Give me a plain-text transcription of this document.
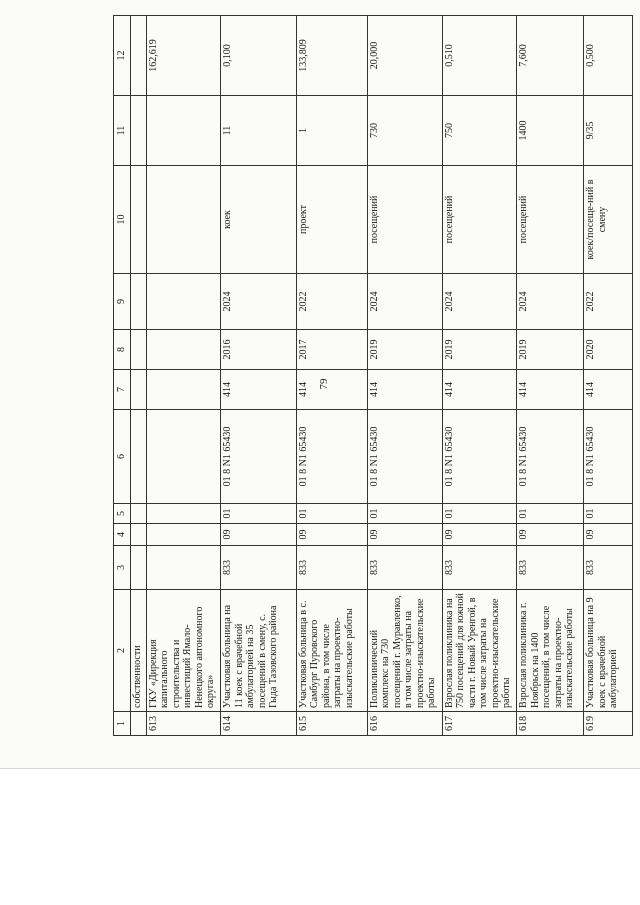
79
1	2	3	4	5	6	7	8	9	10	11	12
	собственности										
613	ГКУ «Дирекция капитального строительства и инвестиций Ямало-Ненецкого автономного округа»										162,619
614	Участковая больница на 11 коек с врачебной амбулаторией на 35 посещений в смену, с. Гыда Тазовского района	833	09	01	01 8 N1 65430	414	2016	2024	коек	11	0,100
615	Участковая больница в с. Самбург Пуровского района, в том числе затраты на проектно-изыскательские работы	833	09	01	01 8 N1 65430	414	2017	2022	проект	1	133,809
616	Поликлинический комплекс на 730 посещений г. Муравленко, в том числе затраты на проектно-изыскательские работы	833	09	01	01 8 N1 65430	414	2019	2024	посещений	730	20,000
617	Взрослая поликлиника на 750 посещений для южной части г. Новый Уренгой, в том числе затраты на проектно-изыскательские работы	833	09	01	01 8 N1 65430	414	2019	2024	посещений	750	0,510
618	Взрослая поликлиника г. Ноябрьск на 1400 посещений, в том числе затраты на проектно-изыскательские работы	833	09	01	01 8 N1 65430	414	2019	2024	посещений	1400	7,600
619	Участковая больница на 9 коек с врачебной амбулаторией	833	09	01	01 8 N1 65430	414	2020	2022	коек/посеще-ний в смену	9/35	0,500
